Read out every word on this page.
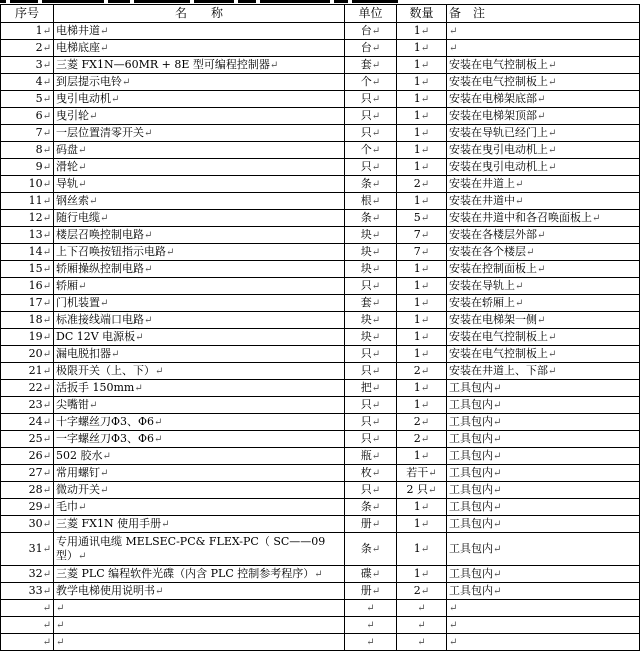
序号	名　　称	单位	数量	备　注
1↵	电梯井道↵	台↵	1↵	↵
2↵	电梯底座↵	台↵	1↵	↵
3↵	三菱 FX1N—60MR + 8E 型可编程控制器↵	套↵	1↵	安装在电气控制板上↵
4↵	到层提示电铃↵	个↵	1↵	安装在电气控制板上↵
5↵	曳引电动机↵	只↵	1↵	安装在电梯架底部↵
6↵	曳引轮↵	只↵	1↵	安装在电梯架顶部↵
7↵	一层位置清零开关↵	只↵	1↵	安装在导轨已经门上↵
8↵	码盘↵	个↵	1↵	安装在曳引电动机上↵
9↵	滑轮↵	只↵	1↵	安装在曳引电动机上↵
10↵	导轨↵	条↵	2↵	安装在井道上↵
11↵	钢丝索↵	根↵	1↵	安装在井道中↵
12↵	随行电缆↵	条↵	5↵	安装在井道中和各召唤面板上↵
13↵	楼层召唤控制电路↵	块↵	7↵	安装在各楼层外部↵
14↵	上下召唤按钮指示电路↵	块↵	7↵	安装在各个楼层↵
15↵	轿厢操纵控制电路↵	块↵	1↵	安装在控制面板上↵
16↵	轿厢↵	只↵	1↵	安装在导轨上↵
17↵	门机装置↵	套↵	1↵	安装在轿厢上↵
18↵	标准接线端口电路↵	块↵	1↵	安装在电梯架一侧↵
19↵	DC 12V 电源板↵	块↵	1↵	安装在电气控制板上↵
20↵	漏电脱扣器↵	只↵	1↵	安装在电气控制板上↵
21↵	极限开关（上、下）↵	只↵	2↵	安装在井道上、下部↵
22↵	活扳手 150mm↵	把↵	1↵	工具包内↵
23↵	尖嘴钳↵	只↵	1↵	工具包内↵
24↵	十字螺丝刀Φ3、Φ6↵	只↵	2↵	工具包内↵
25↵	一字螺丝刀Φ3、Φ6↵	只↵	2↵	工具包内↵
26↵	502 胶水↵	瓶↵	1↵	工具包内↵
27↵	常用螺钉↵	枚↵	若干↵	工具包内↵
28↵	微动开关↵	只↵	2 只↵	工具包内↵
29↵	毛巾↵	条↵	1↵	工具包内↵
30↵	三菱 FX1N 使用手册↵	册↵	1↵	工具包内↵
31↵	专用通讯电缆 MELSEC-PC& FLEX-PC（ SC——09 型）↵	条↵	1↵	工具包内↵
32↵	三菱 PLC 编程软件光碟（内含 PLC 控制参考程序）↵	碟↵	1↵	工具包内↵
33↵	教学电梯使用说明书↵	册↵	2↵	工具包内↵
↵	↵	↵	↵	↵
↵	↵	↵	↵	↵
↵	↵	↵	↵	↵
